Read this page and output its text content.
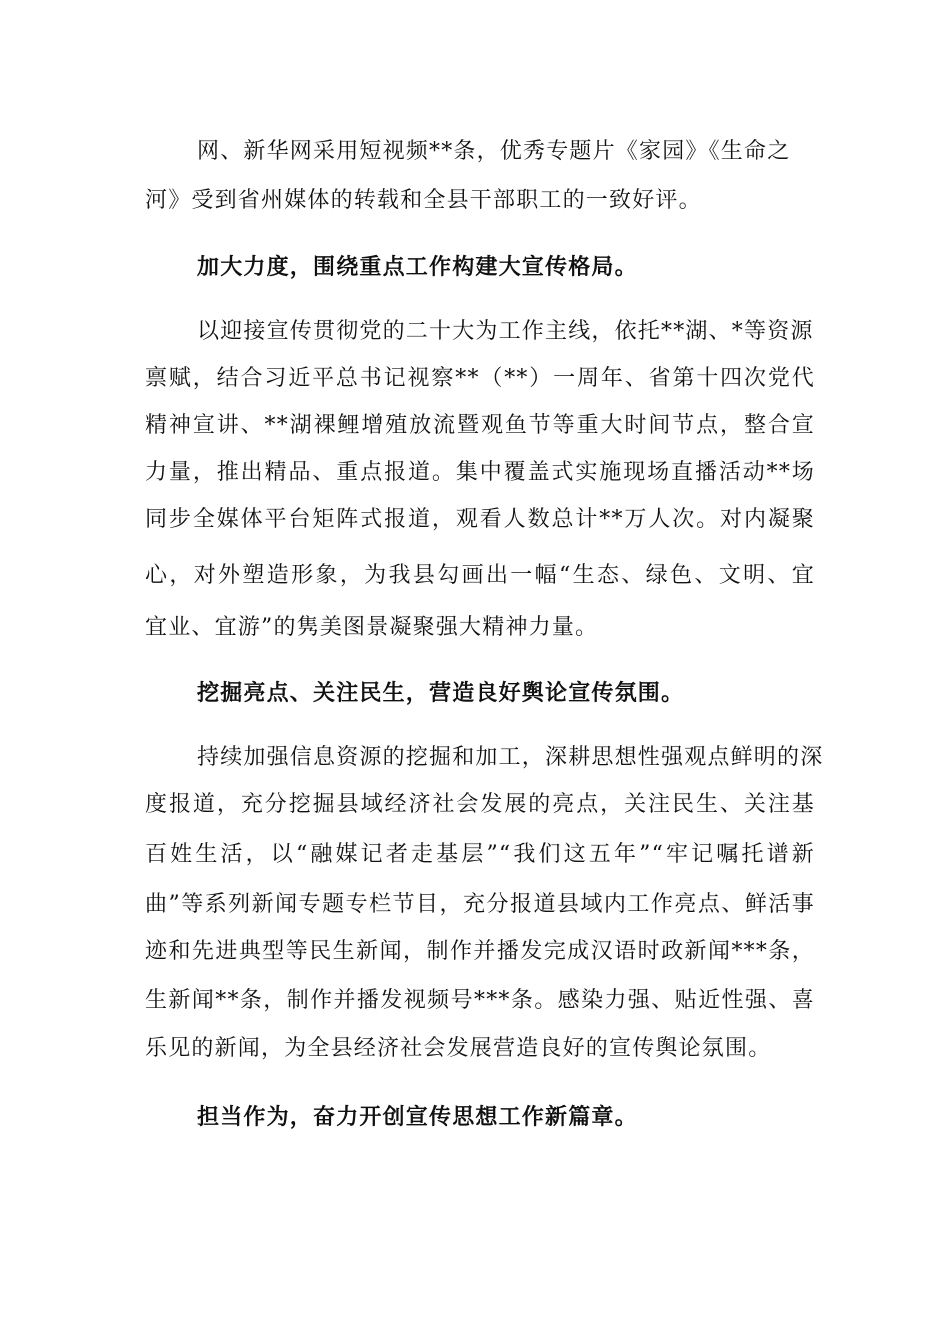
网、新华网采用短视频**条，优秀专题片《家园》《生命之
河》受到省州媒体的转载和全县干部职工的一致好评。
加大力度，围绕重点工作构建大宣传格局。
以迎接宣传贯彻党的二十大为工作主线，依托**湖、*等资源
禀赋，结合习近平总书记视察**（**）一周年、省第十四次党代
精神宣讲、**湖裸鲤增殖放流暨观鱼节等重大时间节点，整合宣
力量，推出精品、重点报道。集中覆盖式实施现场直播活动**场
同步全媒体平台矩阵式报道，观看人数总计**万人次。对内凝聚
心，对外塑造形象，为我县勾画出一幅“生态、绿色、文明、宜
宜业、宜游”的隽美图景凝聚强大精神力量。
挖掘亮点、关注民生，营造良好舆论宣传氛围。
持续加强信息资源的挖掘和加工，深耕思想性强观点鲜明的深
度报道，充分挖掘县域经济社会发展的亮点，关注民生、关注基
百姓生活，以“融媒记者走基层”“我们这五年”“牢记嘱托谱新
曲”等系列新闻专题专栏节目，充分报道县域内工作亮点、鲜活事
迹和先进典型等民生新闻，制作并播发完成汉语时政新闻***条，
生新闻**条，制作并播发视频号***条。感染力强、贴近性强、喜
乐见的新闻，为全县经济社会发展营造良好的宣传舆论氛围。
担当作为，奋力开创宣传思想工作新篇章。
